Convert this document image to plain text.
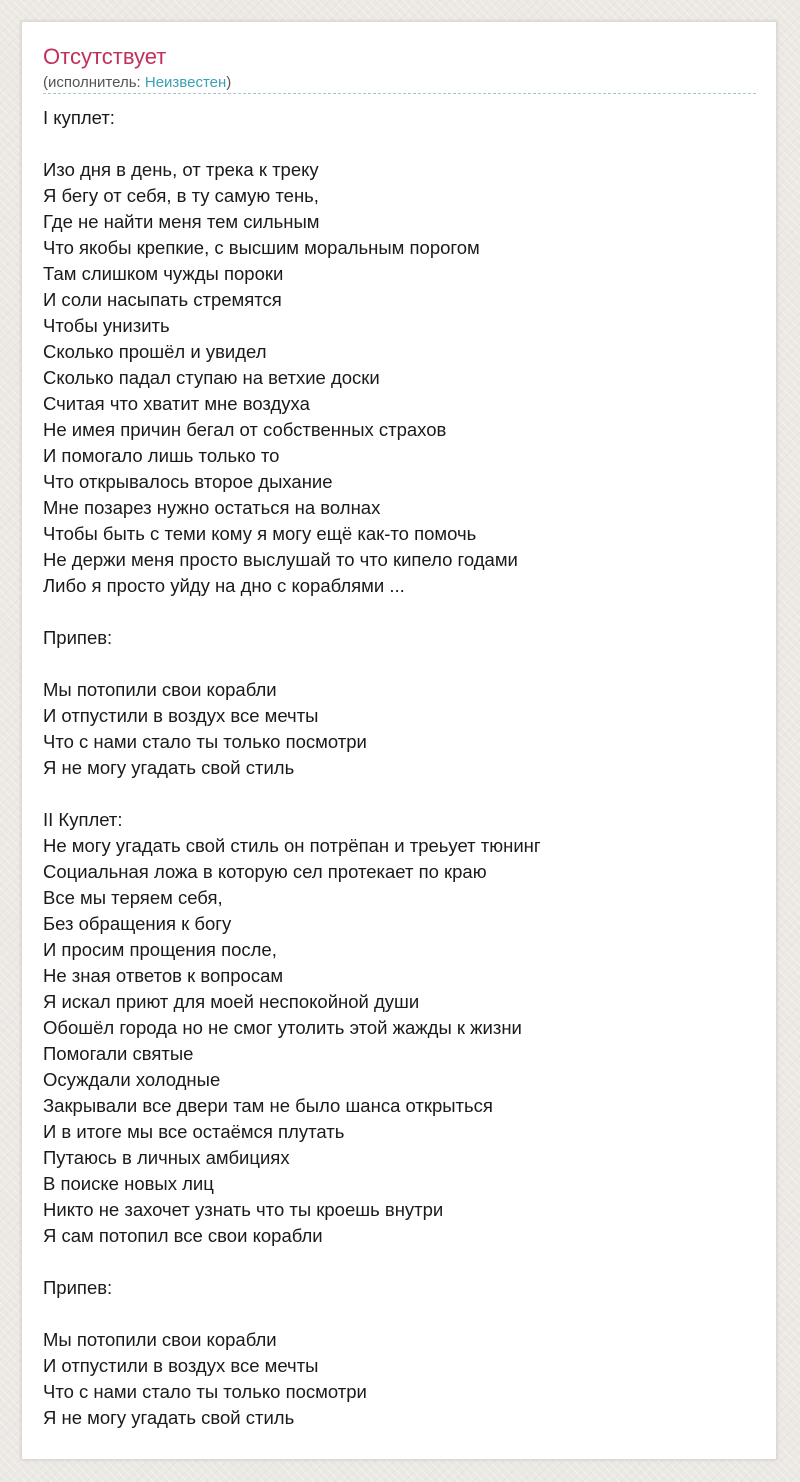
Отсутствует
(исполнитель: Неизвестен)
I куплет:

Изо дня в день, от трека к треку
Я бегу от себя, в ту самую тень,
Где не найти меня тем сильным
Что якобы крепкие, с высшим моральным порогом
Там слишком чужды пороки
И соли насыпать стремятся
Чтобы унизить
Сколько прошёл и увидел
Сколько падал ступаю на ветхие доски
Считая что хватит мне воздуха
Не имея причин бегал от собственных страхов
И помогало лишь только то
Что открывалось второе дыхание
Мне позарез нужно остаться на волнах
Чтобы быть с теми кому я могу ещё как-то помочь
Не держи меня просто выслушай то что кипело годами
Либо я просто уйду на дно с кораблями ...

Припев:

Мы потопили свои корабли
И отпустили в воздух все мечты
Что с нами стало ты только посмотри
Я не могу угадать свой стиль

II Куплет:
Не могу угадать свой стиль он потрёпан и треьует тюнинг
Социальная ложа в которую сел протекает по краю
Все мы теряем себя,
Без обращения к богу
И просим прощения после,
Не зная ответов к вопросам
Я искал приют для моей неспокойной души
Обошёл города но не смог утолить этой жажды к жизни
Помогали святые
Осуждали холодные
Закрывали все двери там не было шанса открыться
И в итоге мы все остаёмся плутать
Путаюсь в личных амбициях
В поиске новых лиц
Никто не захочет узнать что ты кроешь внутри
Я сам потопил все свои корабли

Припев:

Мы потопили свои корабли
И отпустили в воздух все мечты
Что с нами стало ты только посмотри
Я не могу угадать свой стиль
